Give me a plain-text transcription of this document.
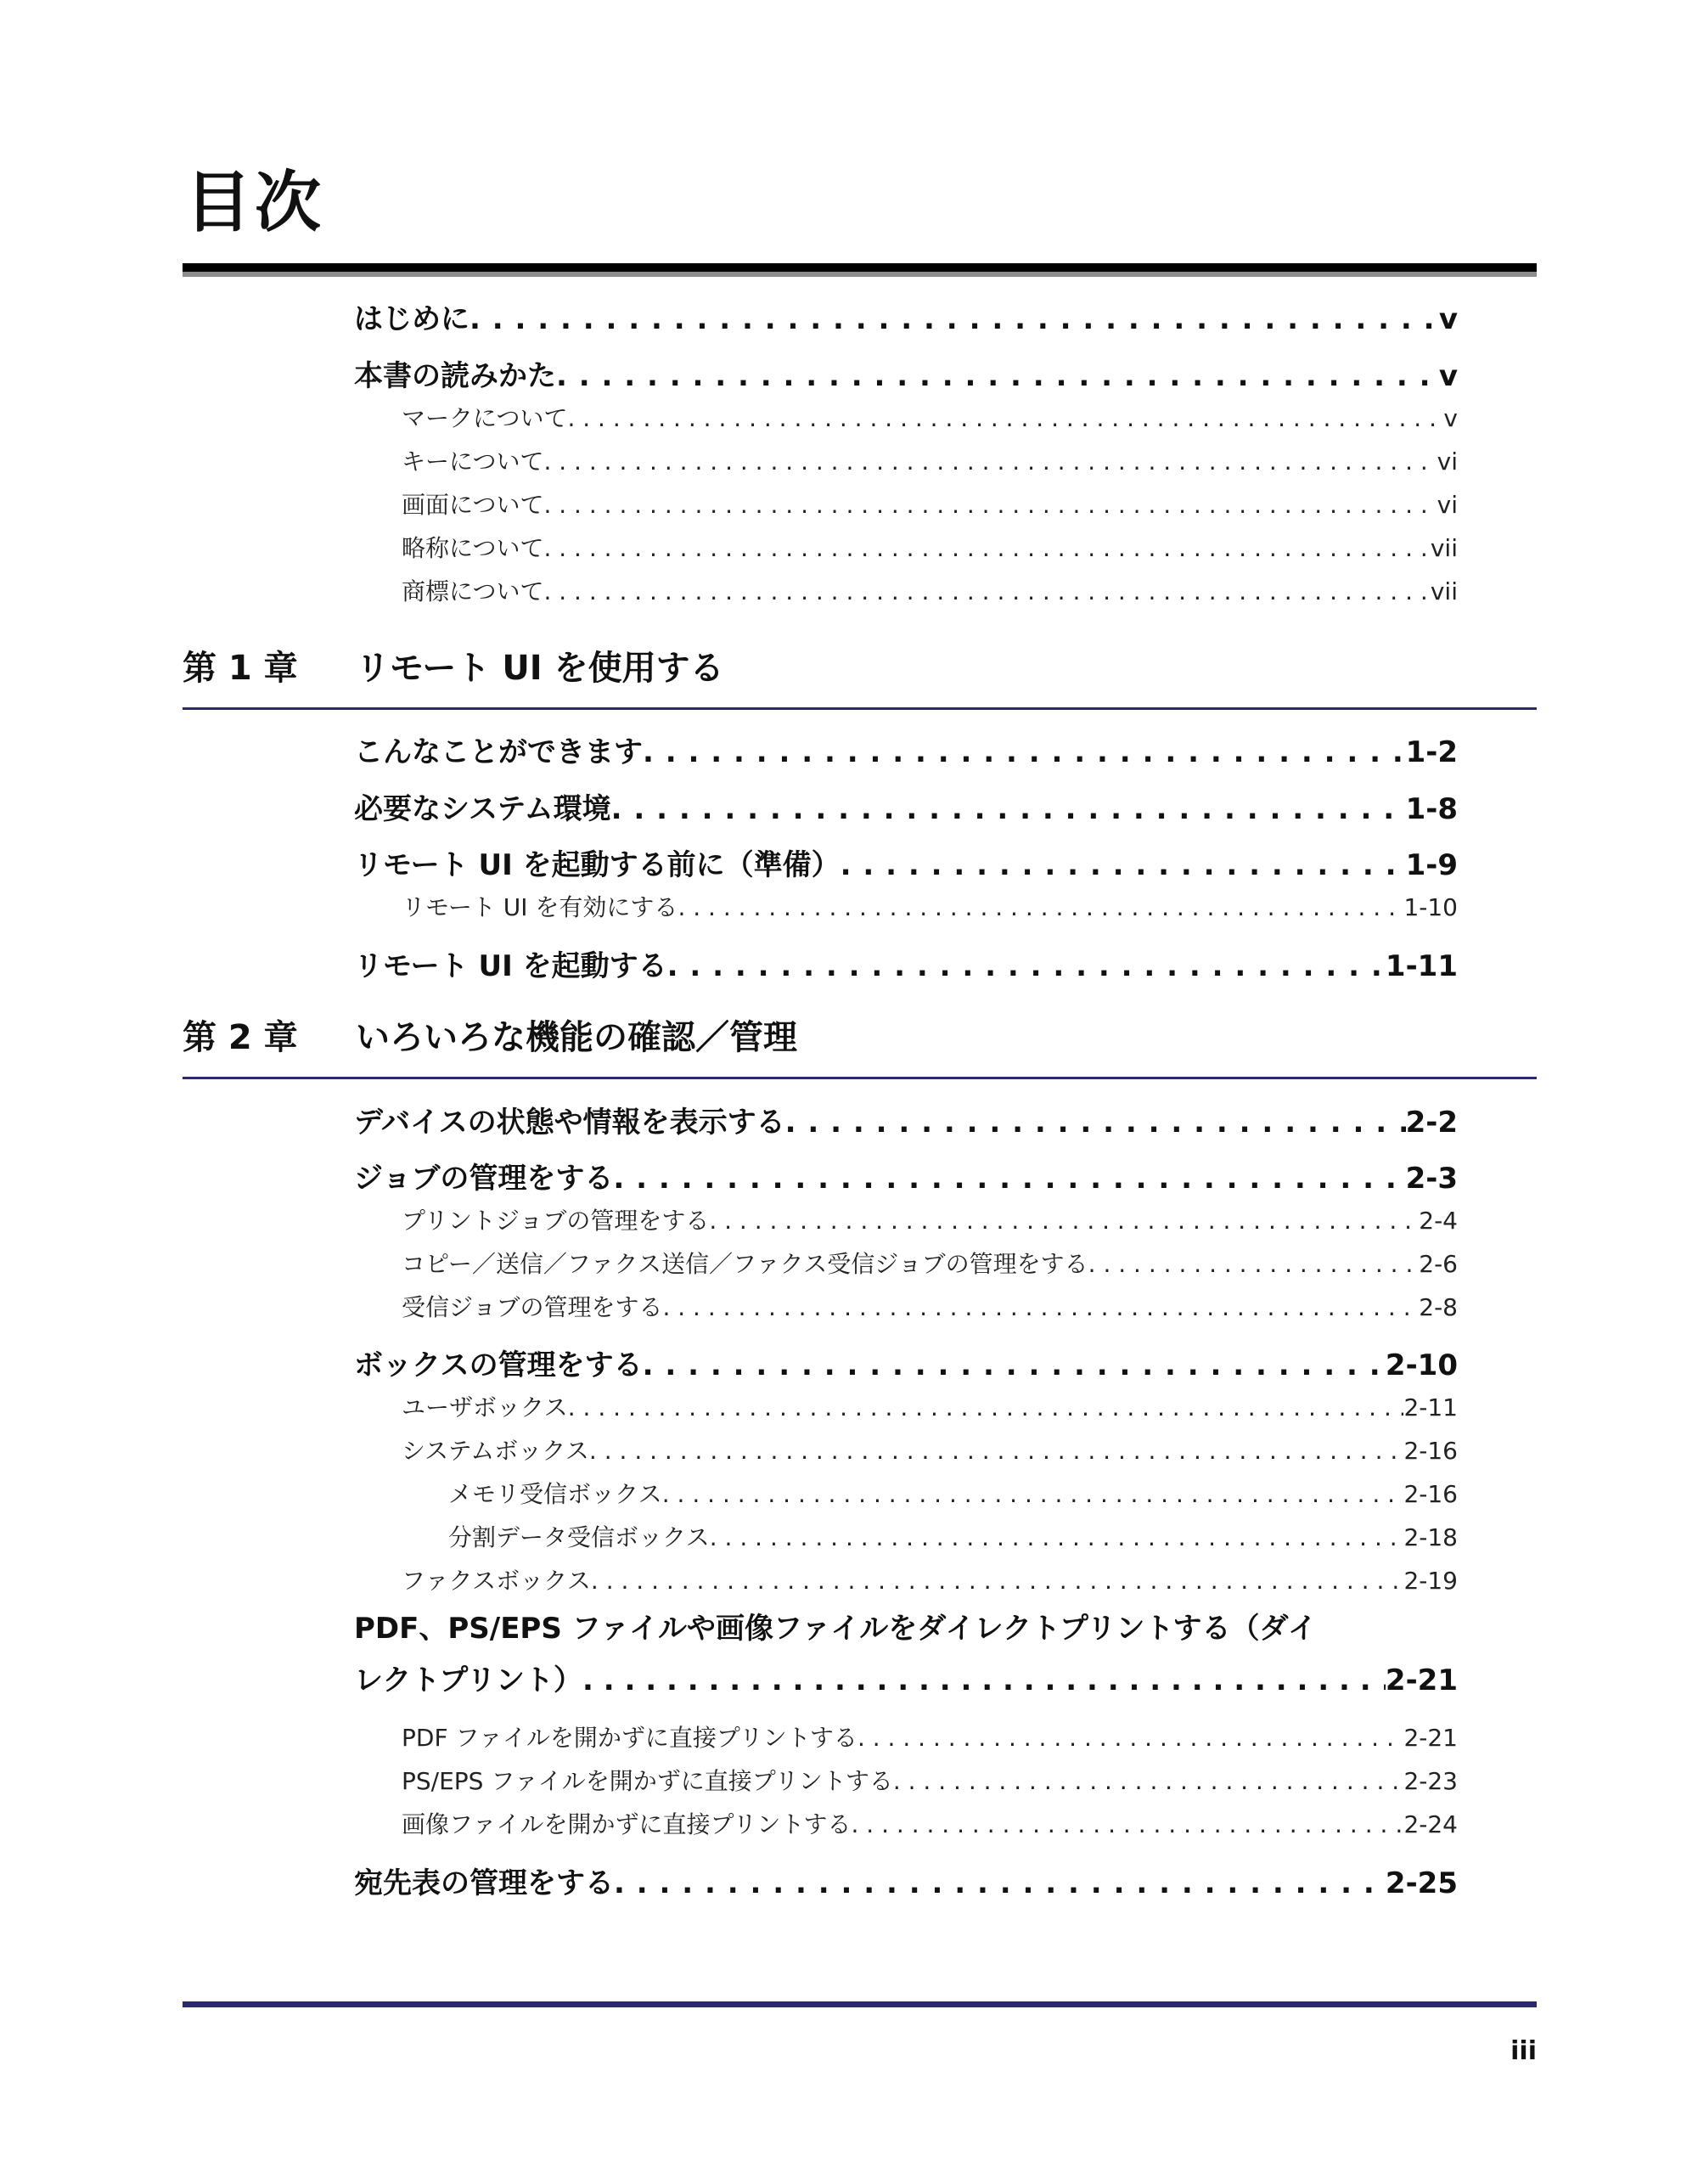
目次
はじめに . .	v
本書の読みかた . .	v
マークについて . . .	v
キーについて . . .	vi
画面について . . .	vi
略称について . . .	vii
商標について . . .	vii
第 1 章 リモート UI を使用する
こんなことができます . .	1-2
必要なシステム環境 . .	1-8
リモート UI を起動する前に（準備） . .	1-9
リモート UI を有効にする . . .	1-10
リモート UI を起動する . .	1-11
第 2 章 いろいろな機能の確認／管理
デバイスの状態や情報を表示する . .	2-2
ジョブの管理をする . .	2-3
プリントジョブの管理をする . . .	2-4
コピー／送信／ファクス送信／ファクス受信ジョブの管理をする . . .	2-6
受信ジョブの管理をする . . .	2-8
ボックスの管理をする . .	2-10
ユーザボックス . . .	2-11
システムボックス . . .	2-16
メモリ受信ボックス . . .	2-16
分割データ受信ボックス . . .	2-18
ファクスボックス . . .	2-19
PDF、PS/EPS ファイルや画像ファイルをダイレクトプリントする（ダイ
レクトプリント） . .	2-21
PDF ファイルを開かずに直接プリントする . . .	2-21
PS/EPS ファイルを開かずに直接プリントする . . .	2-23
画像ファイルを開かずに直接プリントする . . .	2-24
宛先表の管理をする . .	2-25
iii
